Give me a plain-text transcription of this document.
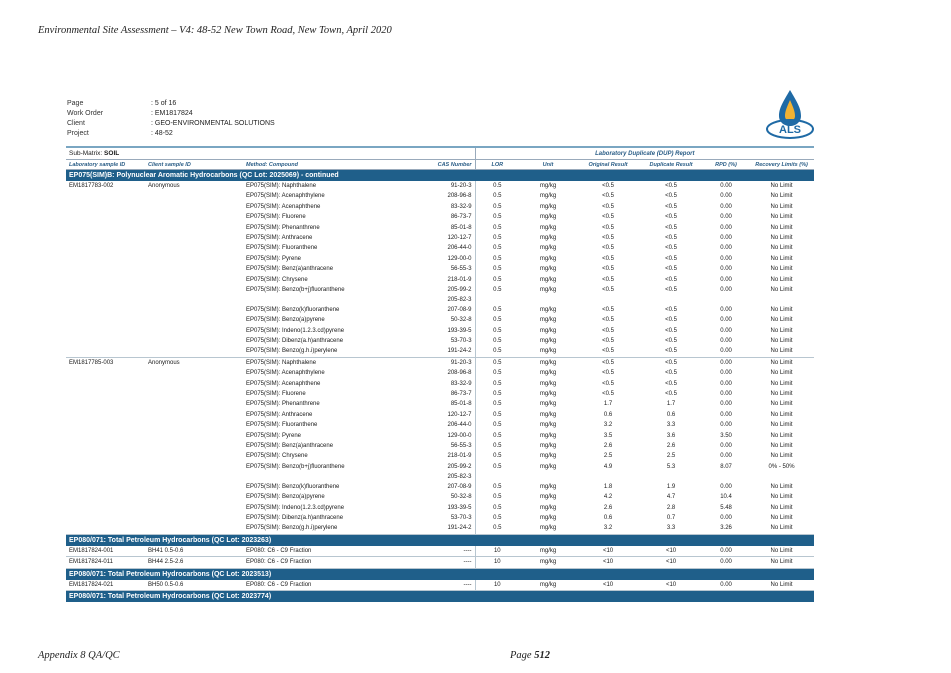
Environmental Site Assessment – V4: 48-52 New Town Road, New Town, April 2020
Page	: 5 of 16
Work Order	: EM1817824
Client	: GEO-ENVIRONMENTAL SOLUTIONS
Project	: 48-52	ALS
Sub-Matrix: SOIL				Laboratory Duplicate (DUP) Report					
Laboratory sample ID	Client sample ID	Method: Compound	CAS Number	LOR	Unit	Original Result	Duplicate Result	RPD (%)	Recovery Limits (%)
EP075(SIM)B: Polynuclear Aromatic Hydrocarbons (QC Lot: 2025069) - continued									
EM1817783-002	Anonymous	EP075(SIM): Naphthalene	91-20-3	0.5	mg/kg	<0.5	<0.5	0.00	No Limit
		EP075(SIM): Acenaphthylene	208-96-8	0.5	mg/kg	<0.5	<0.5	0.00	No Limit
		EP075(SIM): Acenaphthene	83-32-9	0.5	mg/kg	<0.5	<0.5	0.00	No Limit
		EP075(SIM): Fluorene	86-73-7	0.5	mg/kg	<0.5	<0.5	0.00	No Limit
		EP075(SIM): Phenanthrene	85-01-8	0.5	mg/kg	<0.5	<0.5	0.00	No Limit
		EP075(SIM): Anthracene	120-12-7	0.5	mg/kg	<0.5	<0.5	0.00	No Limit
		EP075(SIM): Fluoranthene	206-44-0	0.5	mg/kg	<0.5	<0.5	0.00	No Limit
		EP075(SIM): Pyrene	129-00-0	0.5	mg/kg	<0.5	<0.5	0.00	No Limit
		EP075(SIM): Benz(a)anthracene	56-55-3	0.5	mg/kg	<0.5	<0.5	0.00	No Limit
		EP075(SIM): Chrysene	218-01-9	0.5	mg/kg	<0.5	<0.5	0.00	No Limit
		EP075(SIM): Benzo(b+j)fluoranthene	205-99-2
205-82-3	0.5	mg/kg	<0.5	<0.5	0.00	No Limit
		EP075(SIM): Benzo(k)fluoranthene	207-08-9	0.5	mg/kg	<0.5	<0.5	0.00	No Limit
		EP075(SIM): Benzo(a)pyrene	50-32-8	0.5	mg/kg	<0.5	<0.5	0.00	No Limit
		EP075(SIM): Indeno(1.2.3.cd)pyrene	193-39-5	0.5	mg/kg	<0.5	<0.5	0.00	No Limit
		EP075(SIM): Dibenz(a.h)anthracene	53-70-3	0.5	mg/kg	<0.5	<0.5	0.00	No Limit
		EP075(SIM): Benzo(g.h.i)perylene	191-24-2	0.5	mg/kg	<0.5	<0.5	0.00	No Limit
EM1817785-003	Anonymous	EP075(SIM): Naphthalene	91-20-3	0.5	mg/kg	<0.5	<0.5	0.00	No Limit
		EP075(SIM): Acenaphthylene	208-96-8	0.5	mg/kg	<0.5	<0.5	0.00	No Limit
		EP075(SIM): Acenaphthene	83-32-9	0.5	mg/kg	<0.5	<0.5	0.00	No Limit
		EP075(SIM): Fluorene	86-73-7	0.5	mg/kg	<0.5	<0.5	0.00	No Limit
		EP075(SIM): Phenanthrene	85-01-8	0.5	mg/kg	1.7	1.7	0.00	No Limit
		EP075(SIM): Anthracene	120-12-7	0.5	mg/kg	0.6	0.6	0.00	No Limit
		EP075(SIM): Fluoranthene	206-44-0	0.5	mg/kg	3.2	3.3	0.00	No Limit
		EP075(SIM): Pyrene	129-00-0	0.5	mg/kg	3.5	3.6	3.50	No Limit
		EP075(SIM): Benz(a)anthracene	56-55-3	0.5	mg/kg	2.6	2.6	0.00	No Limit
		EP075(SIM): Chrysene	218-01-9	0.5	mg/kg	2.5	2.5	0.00	No Limit
		EP075(SIM): Benzo(b+j)fluoranthene	205-99-2
205-82-3	0.5	mg/kg	4.9	5.3	8.07	0% - 50%
		EP075(SIM): Benzo(k)fluoranthene	207-08-9	0.5	mg/kg	1.8	1.9	0.00	No Limit
		EP075(SIM): Benzo(a)pyrene	50-32-8	0.5	mg/kg	4.2	4.7	10.4	No Limit
		EP075(SIM): Indeno(1.2.3.cd)pyrene	193-39-5	0.5	mg/kg	2.6	2.8	5.48	No Limit
		EP075(SIM): Dibenz(a.h)anthracene	53-70-3	0.5	mg/kg	0.6	0.7	0.00	No Limit
		EP075(SIM): Benzo(g.h.i)perylene	191-24-2	0.5	mg/kg	3.2	3.3	3.26	No Limit
EP080/071: Total Petroleum Hydrocarbons (QC Lot: 2023263)									
EM1817824-001	BH41 0.5-0.6	EP080: C6 - C9 Fraction	----	10	mg/kg	<10	<10	0.00	No Limit
EM1817824-011	BH44 2.5-2.6	EP080: C6 - C9 Fraction	----	10	mg/kg	<10	<10	0.00	No Limit
EP080/071: Total Petroleum Hydrocarbons (QC Lot: 2023513)									
EM1817824-021	BH50 0.5-0.6	EP080: C6 - C9 Fraction	----	10	mg/kg	<10	<10	0.00	No Limit
EP080/071: Total Petroleum Hydrocarbons (QC Lot: 2023774)									
Appendix 8 QA/QC	Page 512
